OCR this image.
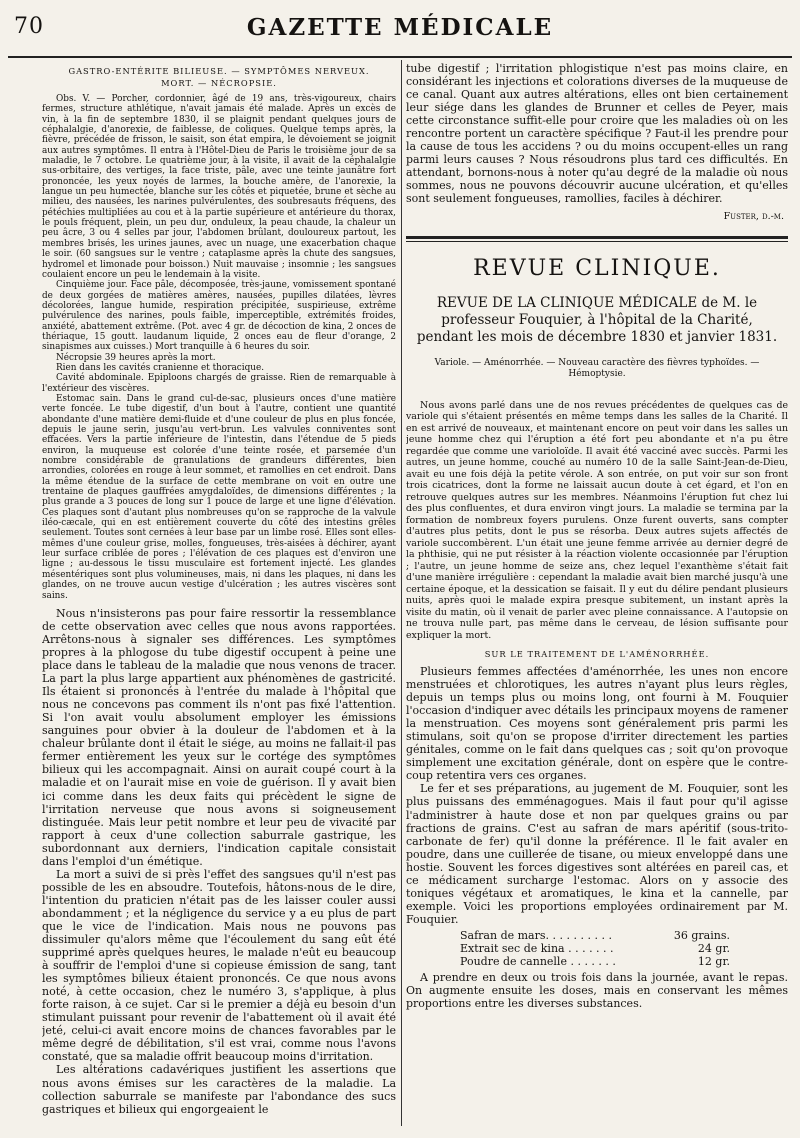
70	GAZETTE MÉDICALE
GASTRO-ENTÉRITE BILIEUSE. — SYMPTÔMES NERVEUX.
MORT. — NÉCROPSIE.

Obs. V. — Porcher, cordonnier, âgé de 19 ans, très-vigoureux, chairs fermes, structure athlétique, n'avait jamais été malade. Après un excès de vin, à la fin de septembre 1830, il se plaignit pendant quelques jours de céphalalgie, d'anorexie, de faiblesse, de coliques. Quelque temps après, la fièvre, précédée de frisson, le saisit, son état empira, le dévoiement se joignit aux autres symptômes. Il entra à l'Hôtel-Dieu de Paris le troisième jour de sa maladie, le 7 octobre. Le quatrième jour, à la visite, il avait de la céphalalgie sus-orbitaire, des vertiges, la face triste, pâle, avec une teinte jaunâtre fort prononcée, les yeux noyés de larmes, la bouche amère, de l'anorexie, la langue un peu humectée, blanche sur les côtés et piquetée, brune et sèche au milieu, des nausées, les narines pulvérulentes, des soubresauts fréquens, des pétéchies multipliées au cou et à la partie supérieure et antérieure du thorax, le pouls fréquent, plein, un peu dur, onduleux, la peau chaude, la chaleur un peu âcre, 3 ou 4 selles par jour, l'abdomen brûlant, douloureux partout, les membres brisés, les urines jaunes, avec un nuage, une exacerbation chaque le soir. (60 sangsues sur le ventre ; cataplasme après la chute des sangsues, hydromel et limonade pour boisson.) Nuit mauvaise ; insomnie ; les sangsues coulaient encore un peu le lendemain à la visite.

Cinquième jour. Face pâle, décomposée, très-jaune, vomissement spontané de deux gorgées de matières amères, nausées, pupilles dilatées, lèvres décolorées, langue humide, respiration précipitée, suspirieuse, extrême pulvérulence des narines, pouls faible, imperceptible, extrémités froides, anxiété, abattement extrême. (Pot. avec 4 gr. de décoction de kina, 2 onces de thériaque, 15 goutt. laudanum liquide, 2 onces eau de fleur d'orange, 2 sinapismes aux cuisses.) Mort tranquille à 6 heures du soir.

Nécropsie 39 heures après la mort.

Rien dans les cavités cranienne et thoracique.

Cavité abdominale. Epiploons chargés de graisse. Rien de remarquable à l'extérieur des viscères.

Estomac sain. Dans le grand cul-de-sac, plusieurs onces d'une matière verte foncée. Le tube digestif, d'un bout à l'autre, contient une quantité abondante d'une matière demi-fluide et d'une couleur de plus en plus foncée, depuis le jaune serin, jusqu'au vert-brun. Les valvules conniventes sont effacées. Vers la partie inférieure de l'intestin, dans l'étendue de 5 pieds environ, la muqueuse est colorée d'une teinte rosée, et parsemée d'un nombre considérable de granulations de grandeurs différentes, bien arrondies, colorées en rouge à leur sommet, et ramollies en cet endroit. Dans la même étendue de la surface de cette membrane on voit en outre une trentaine de plaques gauffrées amygdaloïdes, de dimensions différentes ; la plus grande a 3 pouces de long sur 1 pouce de large et une ligne d'élévation. Ces plaques sont d'autant plus nombreuses qu'on se rapproche de la valvule iléo-cæcale, qui en est entièrement couverte du côté des intestins grêles seulement. Toutes sont cernées à leur base par un limbe rosé. Elles sont elles-mêmes d'une couleur grise, molles, fongueuses, très-aisées à déchirer, ayant leur surface criblée de pores ; l'élévation de ces plaques est d'environ une ligne ; au-dessous le tissu musculaire est fortement injecté. Les glandes mésentériques sont plus volumineuses, mais, ni dans les plaques, ni dans les glandes, on ne trouve aucun vestige d'ulcération ; les autres viscères sont sains.

Nous n'insisterons pas pour faire ressortir la ressemblance de cette observation avec celles que nous avons rapportées. Arrêtons-nous à signaler ses différences. Les symptômes propres à la phlogose du tube digestif occupent à peine une place dans le tableau de la maladie que nous venons de tracer. La part la plus large appartient aux phénomènes de gastricité. Ils étaient si prononcés à l'entrée du malade à l'hôpital que nous ne concevons pas comment ils n'ont pas fixé l'attention. Si l'on avait voulu absolument employer les émissions sanguines pour obvier à la douleur de l'abdomen et à la chaleur brûlante dont il était le siége, au moins ne fallait-il pas fermer entièrement les yeux sur le cortége des symptômes bilieux qui les accompagnait. Ainsi on aurait coupé court à la maladie et on l'aurait mise en voie de guérison. Il y avait bien ici comme dans les deux faits qui précèdent le signe de l'irritation nerveuse que nous avons si soigneusement distinguée. Mais leur petit nombre et leur peu de vivacité par rapport à ceux d'une collection saburrale gastrique, les subordonnant aux derniers, l'indication capitale consistait dans l'emploi d'un émétique.

La mort a suivi de si près l'effet des sangsues qu'il n'est pas possible de les en absoudre. Toutefois, hâtons-nous de le dire, l'intention du praticien n'était pas de les laisser couler aussi abondamment ; et la négligence du service y a eu plus de part que le vice de l'indication. Mais nous ne pouvons pas dissimuler qu'alors même que l'écoulement du sang eût été supprimé après quelques heures, le malade n'eût eu beaucoup à souffrir de l'emploi d'une si copieuse émission de sang, tant les symptômes bilieux étaient prononcés. Ce que nous avons noté, à cette occasion, chez le numéro 3, s'applique, à plus forte raison, à ce sujet. Car si le premier a déjà eu besoin d'un stimulant puissant pour revenir de l'abattement où il avait été jeté, celui-ci avait encore moins de chances favorables par le même degré de débilitation, s'il est vrai, comme nous l'avons constaté, que sa maladie offrit beaucoup moins d'irritation.

Les altérations cadavériques justifient les assertions que nous avons émises sur les caractères de la maladie. La collection saburrale se manifeste par l'abondance des sucs gastriques et bilieux qui engorgeaient le

tube digestif ; l'irritation phlogistique n'est pas moins claire, en considérant les injections et colorations diverses de la muqueuse de ce canal. Quant aux autres altérations, elles ont bien certainement leur siége dans les glandes de Brunner et celles de Peyer, mais cette circonstance suffit-elle pour croire que les maladies où on les rencontre portent un caractère spécifique ? Faut-il les prendre pour la cause de tous les accidens ? ou du moins occupent-elles un rang parmi leurs causes ? Nous résoudrons plus tard ces difficultés. En attendant, bornons-nous à noter qu'au degré de la maladie où nous sommes, nous ne pouvons découvrir aucune ulcération, et qu'elles sont seulement fongueuses, ramollies, faciles à déchirer.

Fuster, d.-m.
REVUE CLINIQUE.
REVUE DE LA CLINIQUE MÉDICALE de M. le professeur Fouquier, à l'hôpital de la Charité, pendant les mois de décembre 1830 et janvier 1831.
Variole. — Aménorrhée. — Nouveau caractère des fièvres typhoïdes. — Hémoptysie.

Nous avons parlé dans une de nos revues précédentes de quelques cas de variole qui s'étaient présentés en même temps dans les salles de la Charité. Il en est arrivé de nouveaux, et maintenant encore on peut voir dans les salles un jeune homme chez qui l'éruption a été fort peu abondante et n'a pu être regardée que comme une varioloïde. Il avait été vacciné avec succès. Parmi les autres, un jeune homme, couché au numéro 10 de la salle Saint-Jean-de-Dieu, avait eu une fois déjà la petite vérole. A son entrée, on put voir sur son front trois cicatrices, dont la forme ne laissait aucun doute à cet égard, et l'on en retrouve quelques autres sur les membres. Néanmoins l'éruption fut chez lui des plus confluentes, et dura environ vingt jours. La maladie se termina par la formation de nombreux foyers purulens. Onze furent ouverts, sans compter d'autres plus petits, dont le pus se résorba. Deux autres sujets affectés de variole succombèrent. L'un était une jeune femme arrivée au dernier degré de la phthisie, qui ne put résister à la réaction violente occasionnée par l'éruption ; l'autre, un jeune homme de seize ans, chez lequel l'exanthème s'était fait d'une manière irrégulière : cependant la maladie avait bien marché jusqu'à une certaine époque, et la dessication se faisait. Il y eut du délire pendant plusieurs nuits, après quoi le malade expira presque subitement, un instant après la visite du matin, où il venait de parler avec pleine connaissance. A l'autopsie on ne trouva nulle part, pas même dans le cerveau, de lésion suffisante pour expliquer la mort.

SUR LE TRAITEMENT DE L'AMÉNORRHÉE.

Plusieurs femmes affectées d'aménorrhée, les unes non encore menstruées et chlorotiques, les autres n'ayant plus leurs règles, depuis un temps plus ou moins long, ont fourni à M. Fouquier l'occasion d'indiquer avec détails les principaux moyens de ramener la menstruation. Ces moyens sont généralement pris parmi les stimulans, soit qu'on se propose d'irriter directement les parties génitales, comme on le fait dans quelques cas ; soit qu'on provoque simplement une excitation générale, dont on espère que le contre-coup retentira vers ces organes.

Le fer et ses préparations, au jugement de M. Fouquier, sont les plus puissans des emménagogues. Mais il faut pour qu'il agisse l'administrer à haute dose et non par quelques grains ou par fractions de grains. C'est au safran de mars apéritif (sous-trito-carbonate de fer) qu'il donne la préférence. Il le fait avaler en poudre, dans une cuillerée de tisane, ou mieux enveloppé dans une hostie. Souvent les forces digestives sont altérées en pareil cas, et ce médicament surcharge l'estomac. Alors on y associe des toniques végétaux et aromatiques, le kina et la cannelle, par exemple. Voici les proportions employées ordinairement par M. Fouquier.

Safran de mars. . . . . . . . . .	36 grains.
Extrait sec de kina . . . . . . .	24 gr.
Poudre de cannelle . . . . . . .	12 gr.

A prendre en deux ou trois fois dans la journée, avant le repas. On augmente ensuite les doses, mais en conservant les mêmes proportions entre les diverses substances.
